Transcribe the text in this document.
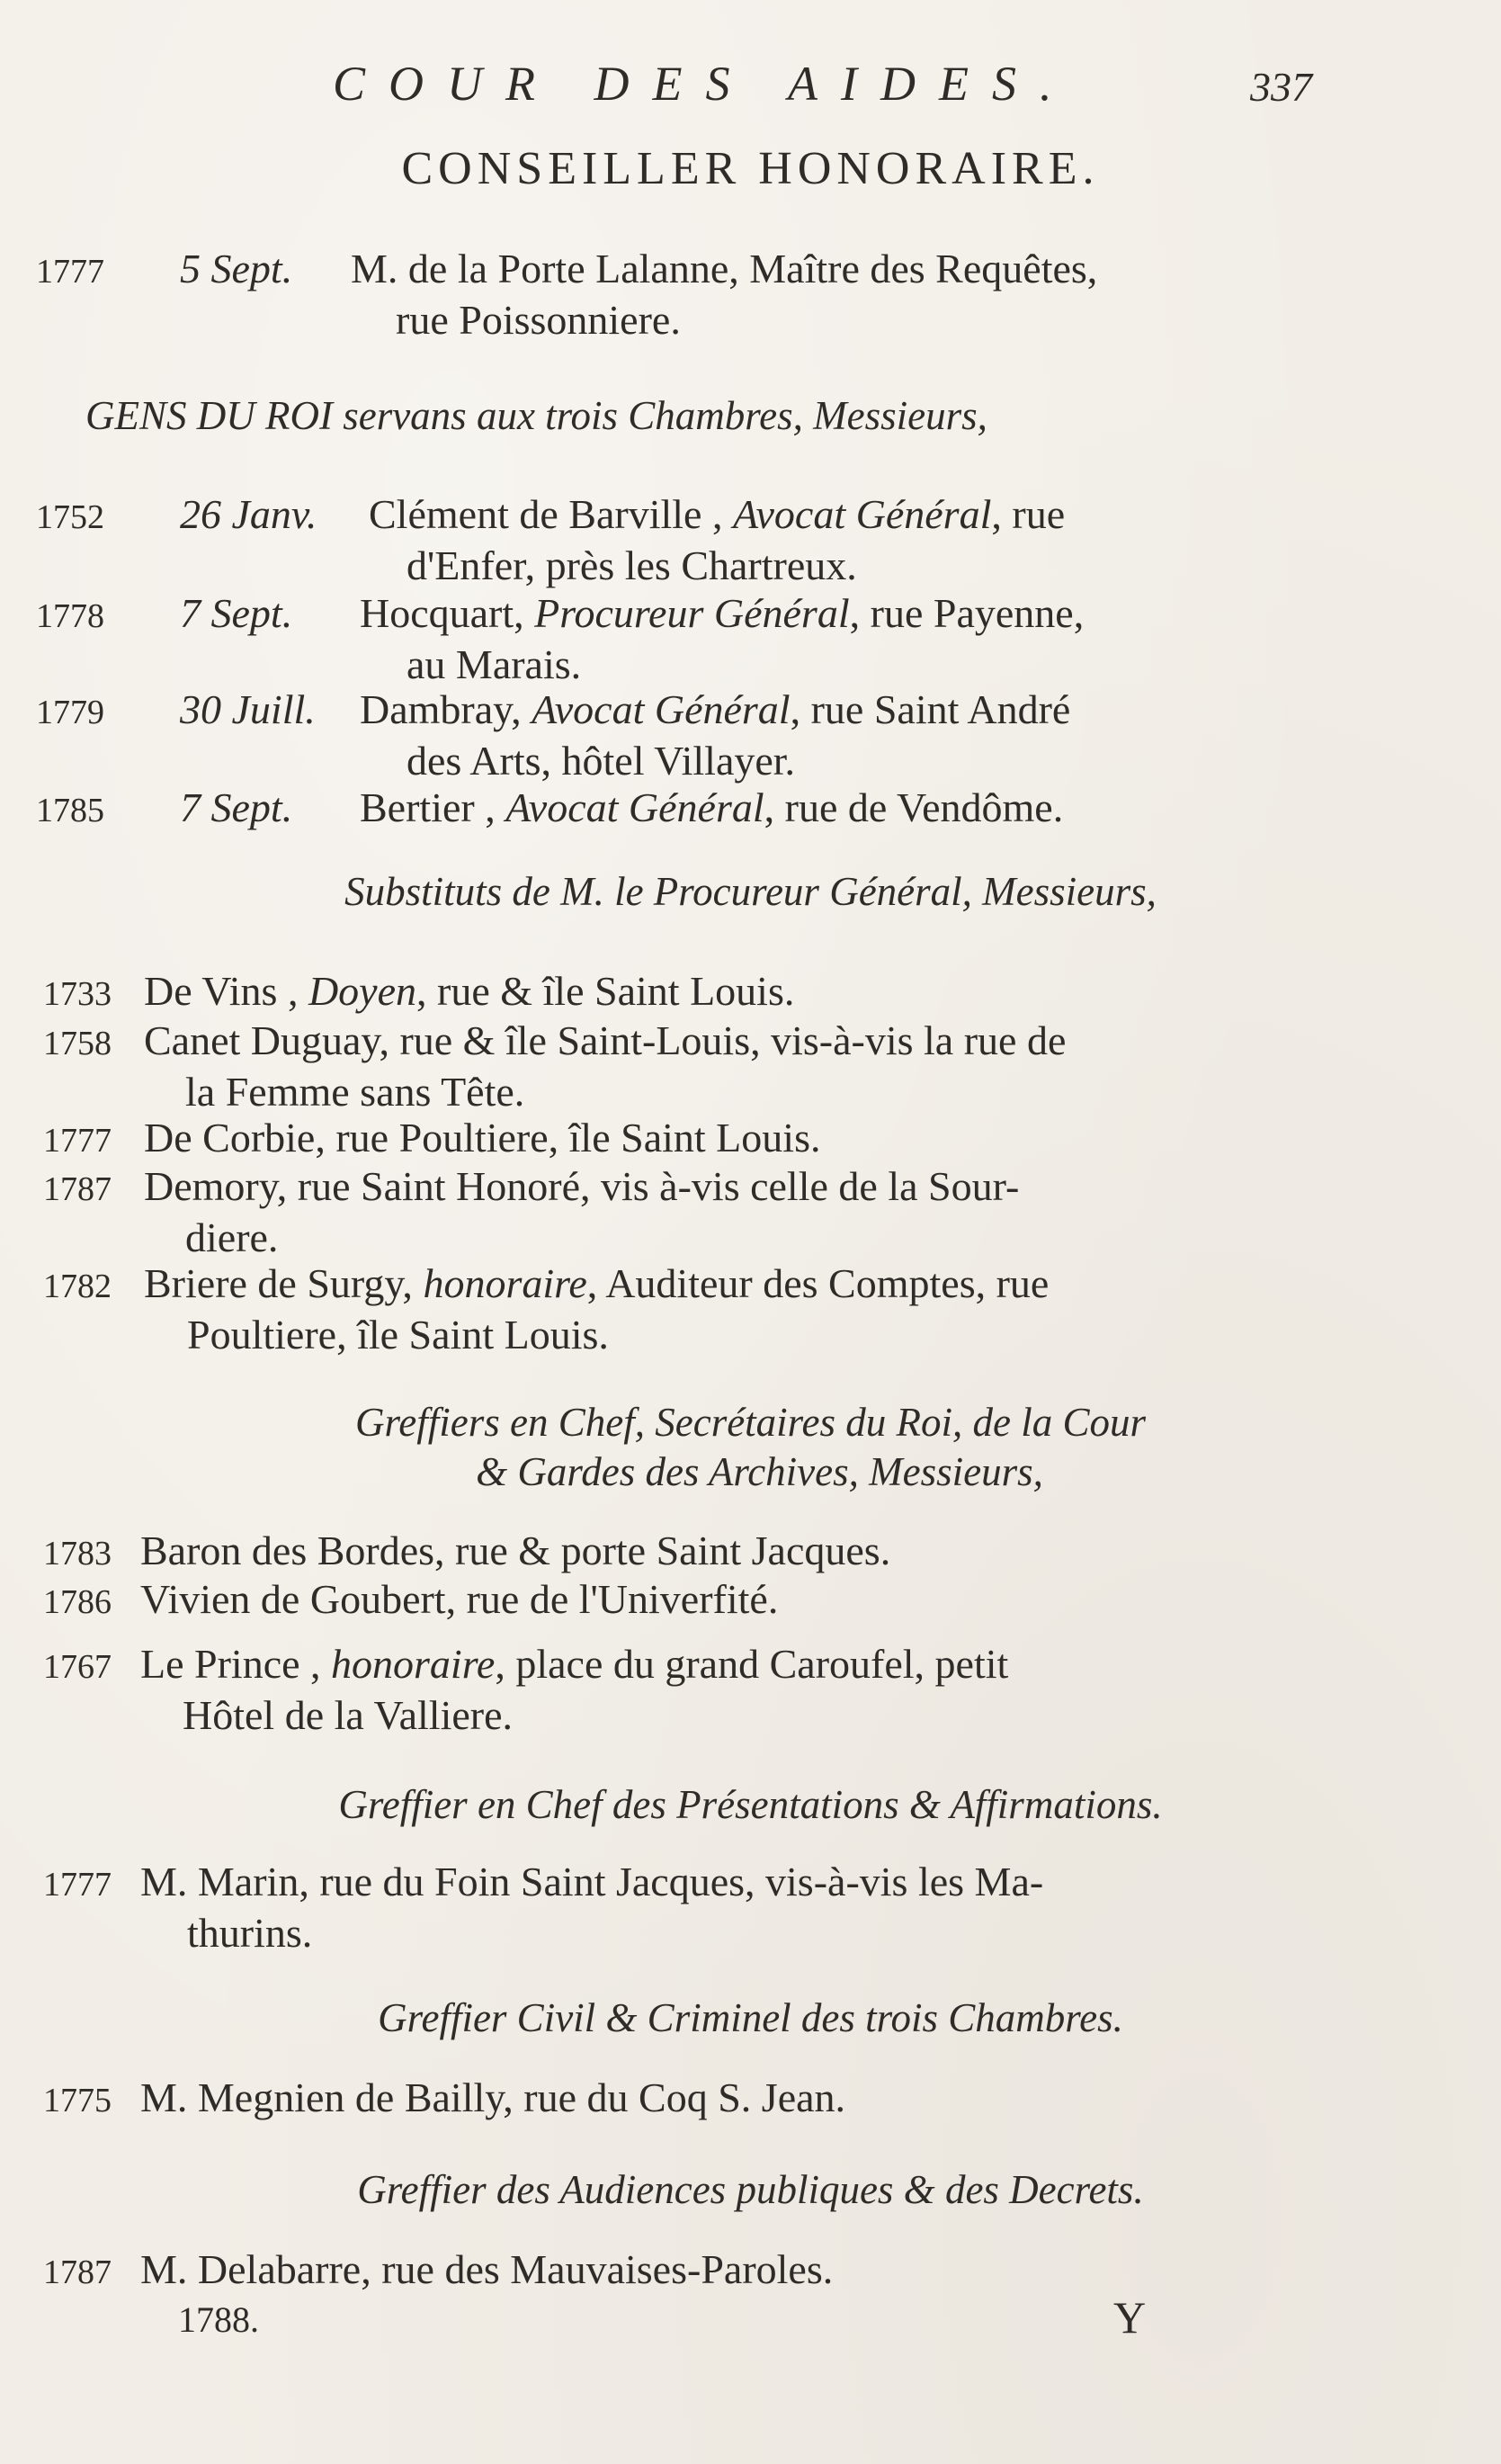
COUR DES AIDES.	337
CONSEILLER HONORAIRE.
1777 5 Sept. M. de la Porte Lalanne, Maître des Requêtes,
rue Poissonniere.
GENS DU ROI servans aux trois Chambres, Messieurs,
1752 26 Janv. Clément de Barville , Avocat Général, rue
d'Enfer, près les Chartreux.
1778 7 Sept. Hocquart, Procureur Général, rue Payenne,
au Marais.
1779 30 Juill. Dambray, Avocat Général, rue Saint André
des Arts, hôtel Villayer.
1785 7 Sept. Bertier , Avocat Général, rue de Vendôme.
Substituts de M. le Procureur Général, Messieurs,
1733 De Vins , Doyen, rue & île Saint Louis.
1758 Canet Duguay, rue & île Saint-Louis, vis-à-vis la rue de
la Femme sans Tête.
1777 De Corbie, rue Poultiere, île Saint Louis.
1787 Demory, rue Saint Honoré, vis à-vis celle de la Sour-
diere.
1782 Briere de Surgy, honoraire, Auditeur des Comptes, rue
Poultiere, île Saint Louis.
Greffiers en Chef, Secrétaires du Roi, de la Cour
& Gardes des Archives, Messieurs,
1783 Baron des Bordes, rue & porte Saint Jacques.
1786 Vivien de Goubert, rue de l'Univerfité.
1767 Le Prince , honoraire, place du grand Caroufel, petit
Hôtel de la Valliere.
Greffier en Chef des Présentations & Affirmations.
1777 M. Marin, rue du Foin Saint Jacques, vis-à-vis les Ma-
thurins.
Greffier Civil & Criminel des trois Chambres.
1775 M. Megnien de Bailly, rue du Coq S. Jean.
Greffier des Audiences publiques & des Decrets.
1787 M. Delabarre, rue des Mauvaises-Paroles.
1788.	Y
